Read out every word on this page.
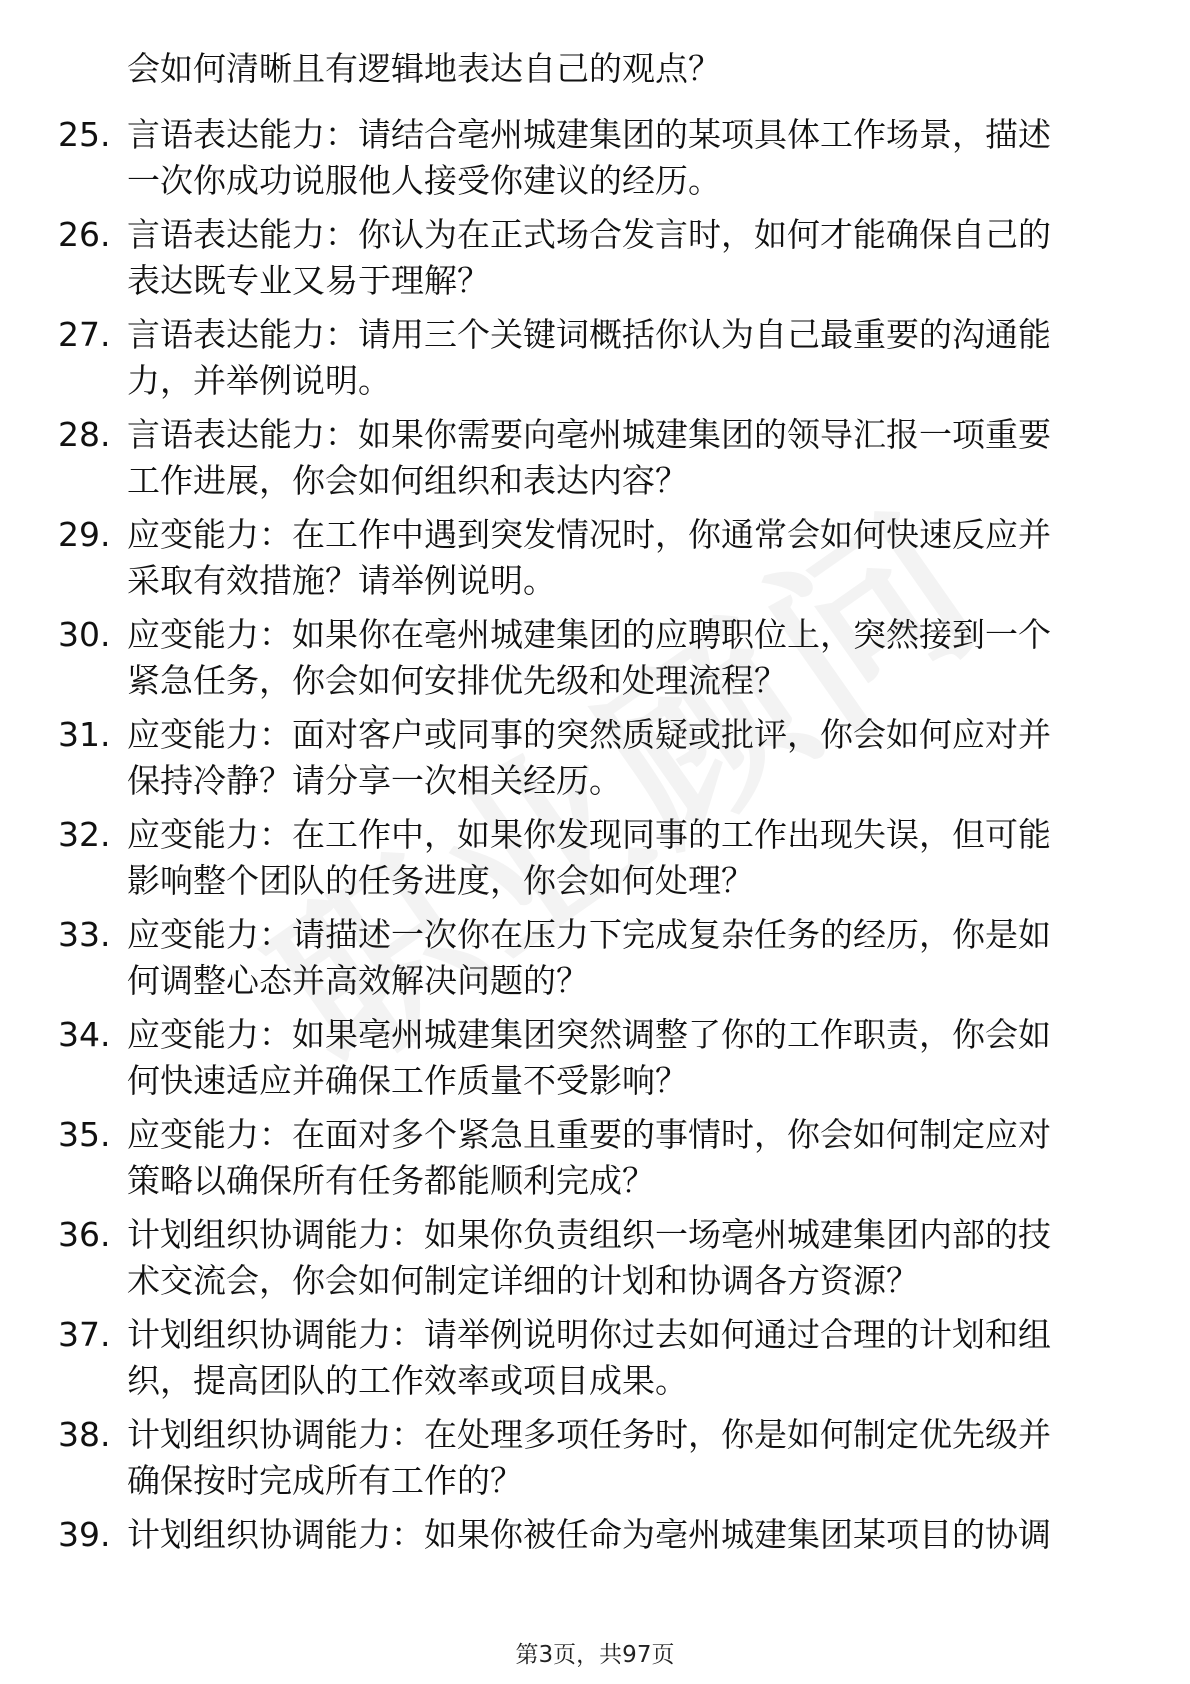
会如何清晰且有逻辑地表达自己的观点？
25. 言语表达能力：请结合亳州城建集团的某项具体工作场景，描述
一次你成功说服他人接受你建议的经历。
26. 言语表达能力：你认为在正式场合发言时，如何才能确保自己的
表达既专业又易于理解？
27. 言语表达能力：请用三个关键词概括你认为自己最重要的沟通能
力，并举例说明。
28. 言语表达能力：如果你需要向亳州城建集团的领导汇报一项重要
工作进展，你会如何组织和表达内容？
29. 应变能力：在工作中遇到突发情况时，你通常会如何快速反应并
采取有效措施？请举例说明。
30. 应变能力：如果你在亳州城建集团的应聘职位上，突然接到一个
紧急任务，你会如何安排优先级和处理流程？
31. 应变能力：面对客户或同事的突然质疑或批评，你会如何应对并
保持冷静？请分享一次相关经历。
32. 应变能力：在工作中，如果你发现同事的工作出现失误，但可能
影响整个团队的任务进度，你会如何处理？
33. 应变能力：请描述一次你在压力下完成复杂任务的经历，你是如
何调整心态并高效解决问题的？
34. 应变能力：如果亳州城建集团突然调整了你的工作职责，你会如
何快速适应并确保工作质量不受影响？
35. 应变能力：在面对多个紧急且重要的事情时，你会如何制定应对
策略以确保所有任务都能顺利完成？
36. 计划组织协调能力：如果你负责组织一场亳州城建集团内部的技
术交流会，你会如何制定详细的计划和协调各方资源？
37. 计划组织协调能力：请举例说明你过去如何通过合理的计划和组
织，提高团队的工作效率或项目成果。
38. 计划组织协调能力：在处理多项任务时，你是如何制定优先级并
确保按时完成所有工作的？
39. 计划组织协调能力：如果你被任命为亳州城建集团某项目的协调
第3页，共97页
